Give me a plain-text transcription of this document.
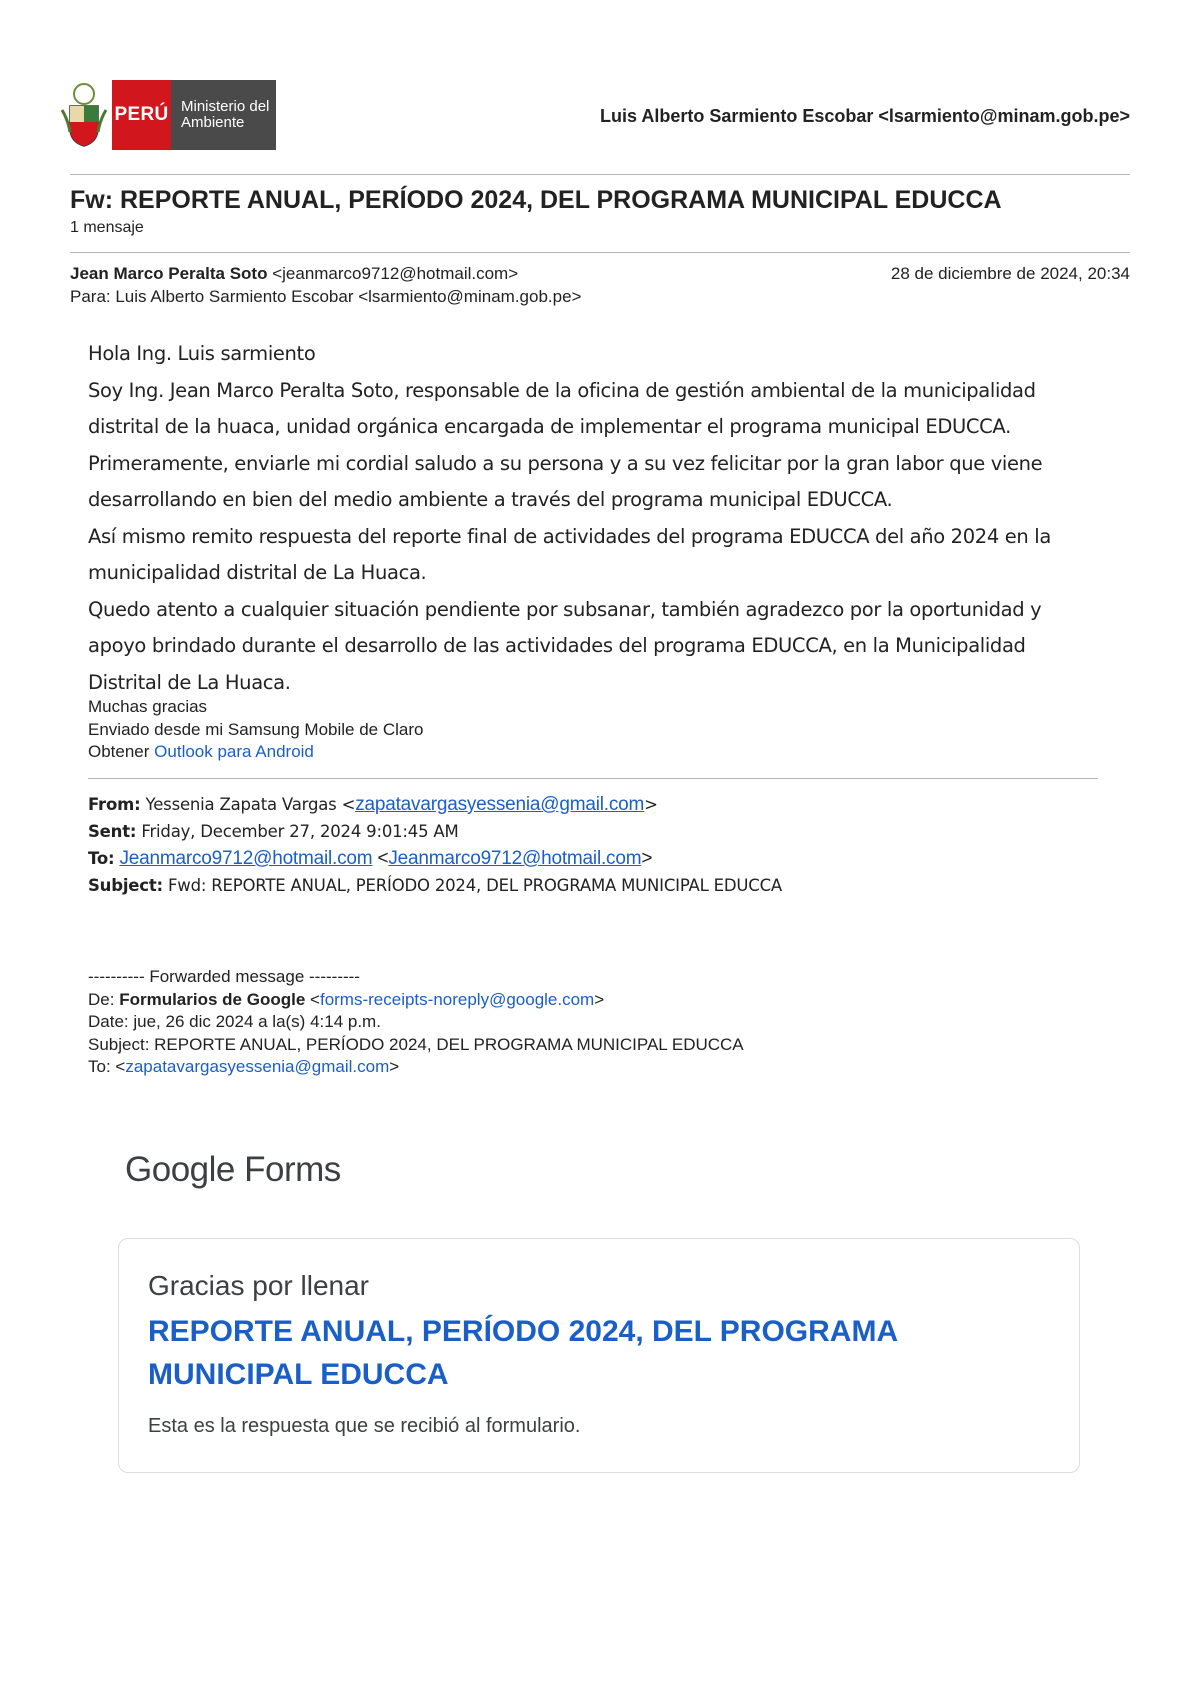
PERÚ Ministerio del Ambiente	Luis Alberto Sarmiento Escobar <lsarmiento@minam.gob.pe>
Fw: REPORTE ANUAL, PERÍODO 2024, DEL PROGRAMA MUNICIPAL EDUCCA
1 mensaje
Jean Marco Peralta Soto <jeanmarco9712@hotmail.com>	28 de diciembre de 2024, 20:34
Para: Luis Alberto Sarmiento Escobar <lsarmiento@minam.gob.pe>

Hola Ing. Luis sarmiento

Soy Ing. Jean Marco Peralta Soto, responsable de la oficina de gestión ambiental de la municipalidad distrital de la huaca, unidad orgánica encargada de implementar el programa municipal EDUCCA.

Primeramente, enviarle mi cordial saludo a su persona y a su vez felicitar por la gran labor que viene desarrollando en bien del medio ambiente a través del programa municipal EDUCCA.

Así mismo remito respuesta del reporte final de actividades del programa EDUCCA del año 2024 en la municipalidad distrital de La Huaca.

Quedo atento a cualquier situación pendiente por subsanar, también agradezco por la oportunidad y apoyo brindado durante el desarrollo de las actividades del programa EDUCCA, en la Municipalidad Distrital de La Huaca.

Muchas gracias
Enviado desde mi Samsung Mobile de Claro
Obtener Outlook para Android
From: Yessenia Zapata Vargas <zapatavargasyessenia@gmail.com>
Sent: Friday, December 27, 2024 9:01:45 AM
To: Jeanmarco9712@hotmail.com <Jeanmarco9712@hotmail.com>
Subject: Fwd: REPORTE ANUAL, PERÍODO 2024, DEL PROGRAMA MUNICIPAL EDUCCA
---------- Forwarded message ---------
De: Formularios de Google <forms-receipts-noreply@google.com>
Date: jue, 26 dic 2024 a la(s) 4:14 p.m.
Subject: REPORTE ANUAL, PERÍODO 2024, DEL PROGRAMA MUNICIPAL EDUCCA
To: <zapatavargasyessenia@gmail.com>
Google Forms
Gracias por llenar
REPORTE ANUAL, PERÍODO 2024, DEL PROGRAMA MUNICIPAL EDUCCA
Esta es la respuesta que se recibió al formulario.
